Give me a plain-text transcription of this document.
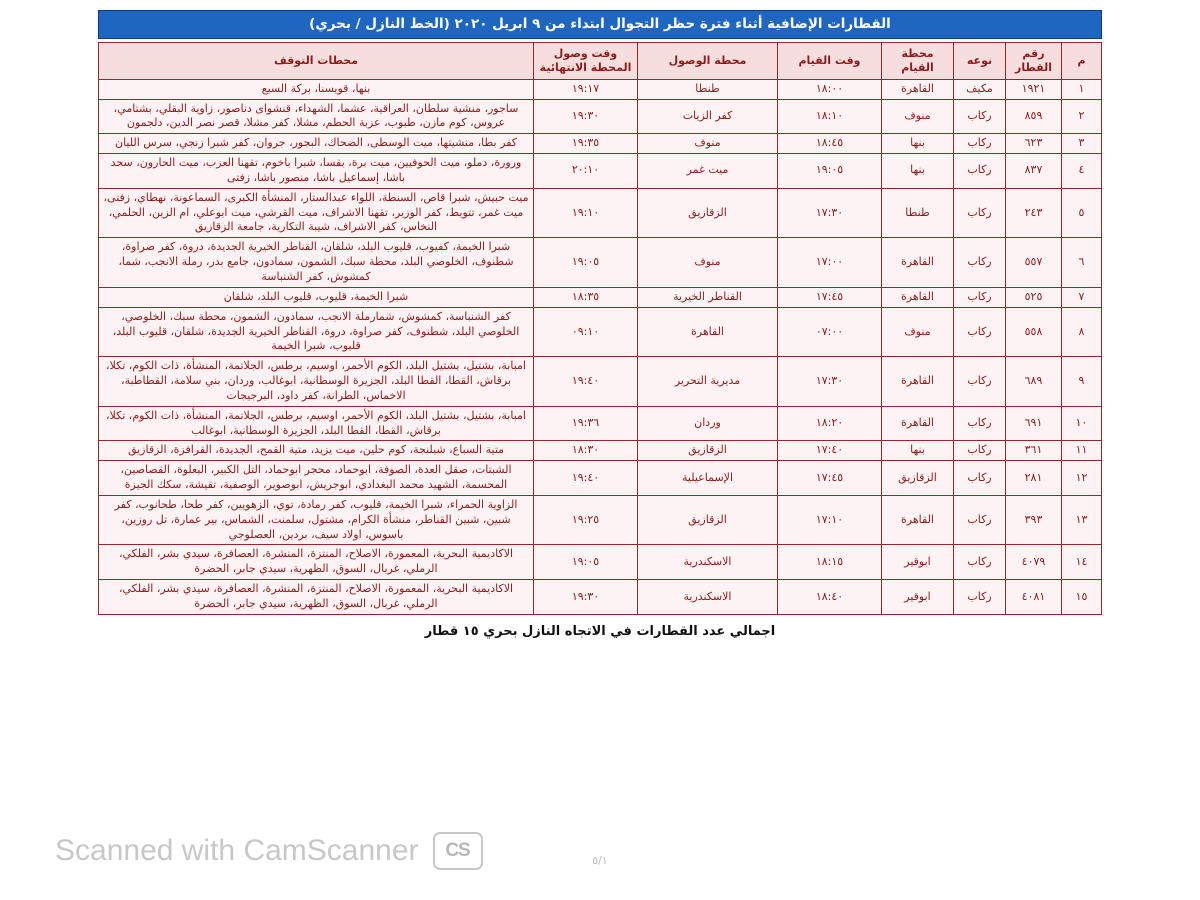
القطارات الإضافية أثناء فترة حظر التجوال ابتداء من ٩ ابريل ٢٠٢٠ (الخط النازل / بحري)
م	رقم القطار	نوعه	محطة القيام	وقت القيام	محطة الوصول	وقت وصول المحطة الانتهائية	محطات التوقف
١	١٩٢١	مكيف	القاهرة	١٨:٠٠	طنطا	١٩:١٧	بنها، قويسنا، بركة السبع
٢	٨٥٩	ركاب	منوف	١٨:١٠	كفر الزيات	١٩:٣٠	ساجور، منشية سلطان، العراقية، عشما، الشهداء، قنشوای دناصور، زاوية البقلي، بشتامي، عروس، كوم مازن، طبوب، عزبة الحطم، مشلا، كفر مشلا، قصر نصر الدين، دلجمون
٣	٦٢٣	ركاب	بنها	١٨:٤٥	منوف	١٩:٣٥	كفر بطا، منشيتها، ميت الوسطى، الضحاك، البجور، جروان، كفر شبرا زنجي، سرس الليان
٤	٨٣٧	ركاب	بنها	١٩:٠٥	ميت غمر	٢٠:١٠	ورورة، دملو، ميت الحوفيين، ميت برة، بقسا، شبرا باخوم، تقهنا العزب، ميت الحارون، سحد باشا، إسماعيل باشا، منصور باشا، زفتى
٥	٢٤٣	ركاب	طنطا	١٧:٣٠	الزقازيق	١٩:١٠	ميت حبيش، شبرا قاص، السنطة، اللواء عبدالستار، المنشأة الكبرى، السماعونة، نهطاي، زفتى، ميت غمر، تتويط، كفر الوزير، تقهنا الاشراف، ميت القرشي، ميت ابوعلي، ام الزين، الحلمي، النخاس، كفر الاشراف، شيبة التكارية، جامعة الزقازيق
٦	٥٥٧	ركاب	القاهرة	١٧:٠٠	منوف	١٩:٠٥	شبرا الخيمة، كفيوب، قليوب البلد، شلقان، القناطر الخيرية الجديدة، دروة، كفر صراوة، شطنوف، الخلوصي البلد، محطة سبك، الشمون، سمادون، جامع بدر، رملة الانجب، شما، كمشوش، كفر الشنباسة
٧	٥٢٥	ركاب	القاهرة	١٧:٤٥	القناطر الخيرية	١٨:٣٥	شبرا الخيمة، قليوب، قليوب البلد، شلقان
٨	٥٥٨	ركاب	منوف	٠٧:٠٠	القاهرة	٠٩:١٠	كفر الشنباسة، كمشوش، شمارملة الانجب، سمادون، الشمون، محطة سبك، الخلوصي، الخلوصي البلد، شطنوف، كفر صراوة، دروة، القناطر الخيرية الجديدة، شلقان، قليوب البلد، قليوب، شبرا الخيمة
٩	٦٨٩	ركاب	القاهرة	١٧:٣٠	مديرية التحرير	١٩:٤٠	امبابة، بشتيل، بشتيل البلد، الكوم الأحمر، اوسيم، برطس، الجلاتمة، المنشأة، ذات الكوم، تكلا، برقاش، القطا، القطا البلد، الجزيرة الوسطانية، ابوغالب، وردان، بني سلامة، القطاطبة، الاخماس، الطرانة، كفر داود، البرجيجات
١٠	٦٩١	ركاب	القاهرة	١٨:٢٠	وردان	١٩:٣٦	امبابة، بشتيل، بشتيل البلد، الكوم الأحمر، اوسيم، برطس، الجلاتمة، المنشأة، ذات الكوم، تكلا، برقاش، القطا، القطا البلد، الجزيرة الوسطانية، ابوغالب
١١	٣٦١	ركاب	بنها	١٧:٤٠	الزقازيق	١٨:٣٠	متية السباع، شبلنجة، كوم حلين، ميت يزيد، متية القمح، الجديدة، القرافزة، الزقازيق
١٢	٢٨١	ركاب	الزقازيق	١٧:٤٥	الإسماعيلية	١٩:٤٠	الشبتات، صقل العدة، الصوفة، ابوحماد، محجر ابوحماد، التل الكبير، البعلوة، القصاصين، المحسمة، الشهيد محمد البغدادي، ابوجريش، ابوصوير، الوصفية، تقيشة، سكك الجيزة
١٣	٣٩٣	ركاب	القاهرة	١٧:١٠	الزقازيق	١٩:٢٥	الزاوية الحمراء، شبرا الخيمة، قليوب، كفر رمادة، توي، الزهويين، كفر طحا، طحانوب، كفر شبين، شبين القناطر، منشأة الكرام، مشتول، سلمنت، الشماس، بير عمارة، تل روزين، باسوس، اولاد سيف، بردين، العصلوجي
١٤	٤٠٧٩	ركاب	ابوقير	١٨:١٥	الاسكندرية	١٩:٠٥	الاكاديمية البحرية، المعمورة، الاصلاح، المنتزة، المنشرة، العصافرة، سيدي بشر، الفلكي، الرملي، غربال، السوق، الظهرية، سيدي جابر، الحضرة
١٥	٤٠٨١	ركاب	ابوقير	١٨:٤٠	الاسكندرية	١٩:٣٠	الاكاديمية البحرية، المعمورة، الاصلاح، المنتزة، المنشرة، العصافرة، سيدي بشر، الفلكي، الرملي، غربال، السوق، الظهرية، سيدي جابر، الحضرة
اجمالي عدد القطارات في الاتجاه النازل بحري ١٥ قطار
٥/١
CS
Scanned with CamScanner
